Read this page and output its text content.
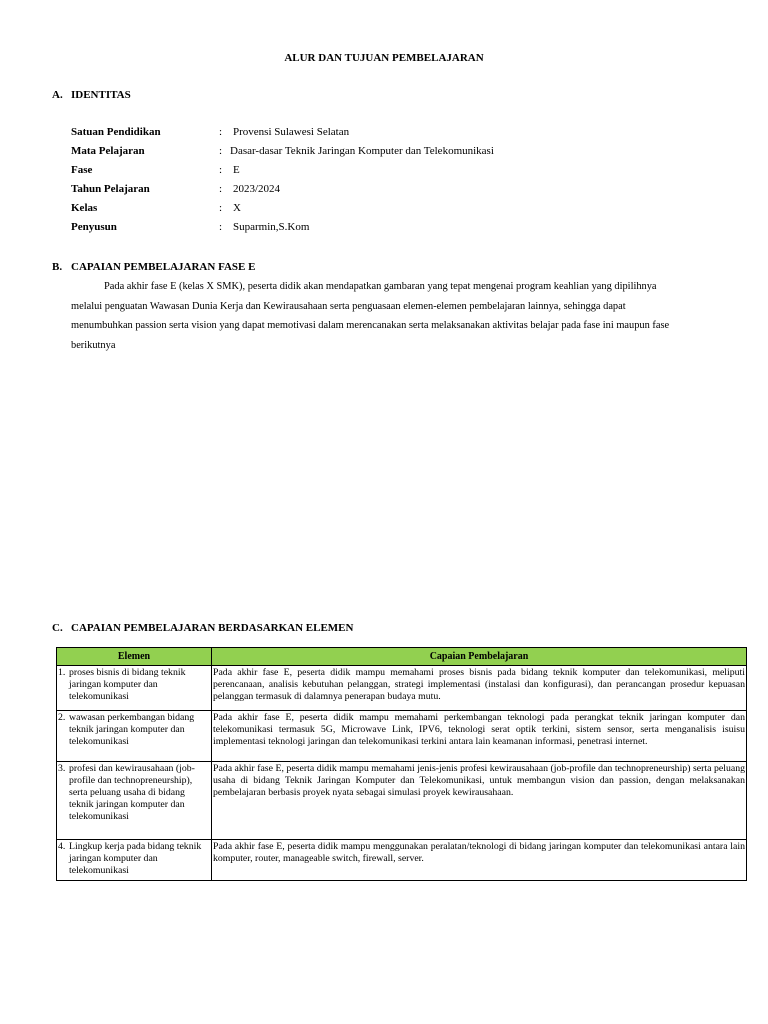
ALUR DAN TUJUAN PEMBELAJARAN
A. IDENTITAS
Satuan Pendidikan	: Provensi Sulawesi Selatan
Mata Pelajaran	: Dasar-dasar Teknik Jaringan Komputer dan Telekomunikasi
Fase	: E
Tahun Pelajaran	: 2023/2024
Kelas	: X
Penyusun	: Suparmin,S.Kom
B. CAPAIAN PEMBELAJARAN FASE E
Pada akhir fase E (kelas X SMK), peserta didik akan mendapatkan gambaran yang tepat mengenai program keahlian yang dipilihnya melalui penguatan Wawasan Dunia Kerja dan Kewirausahaan serta penguasaan elemen-elemen pembelajaran lainnya, sehingga dapat menumbuhkan passion serta vision yang dapat memotivasi dalam merencanakan serta melaksanakan aktivitas belajar pada fase ini maupun fase berikutnya
C. CAPAIAN PEMBELAJARAN BERDASARKAN ELEMEN
Elemen	Capaian Pembelajaran

1. proses bisnis di bidang teknik jaringan komputer dan telekomunikasi	Pada akhir fase E, peserta didik mampu memahami proses bisnis pada bidang teknik komputer dan telekomunikasi, meliputi perencanaan, analisis kebutuhan pelanggan, strategi implementasi (instalasi dan konfigurasi), dan perancangan prosedur kepuasan pelanggan termasuk di dalamnya penerapan budaya mutu.

2. wawasan perkembangan bidang teknik jaringan komputer dan telekomunikasi	Pada akhir fase E, peserta didik mampu memahami perkembangan teknologi pada perangkat teknik jaringan komputer dan telekomunikasi termasuk 5G, Microwave Link, IPV6, teknologi serat optik terkini, sistem sensor, serta menganalisis isuisu implementasi teknologi jaringan dan telekomunikasi terkini antara lain keamanan informasi, penetrasi internet.

3. profesi dan kewirausahaan (job-profile dan technopreneurship), serta peluang usaha di bidang teknik jaringan komputer dan telekomunikasi	Pada akhir fase E, peserta didik mampu memahami jenis-jenis profesi kewirausahaan (job-profile dan technopreneurship) serta peluang usaha di bidang Teknik Jaringan Komputer dan Telekomunikasi, untuk membangun vision dan passion, dengan melaksanakan pembelajaran berbasis proyek nyata sebagai simulasi proyek kewirausahaan.

4. Lingkup kerja pada bidang teknik jaringan komputer dan telekomunikasi	Pada akhir fase E, peserta didik mampu menggunakan peralatan/teknologi di bidang jaringan komputer dan telekomunikasi antara lain komputer, router, manageable switch, firewall, server.
